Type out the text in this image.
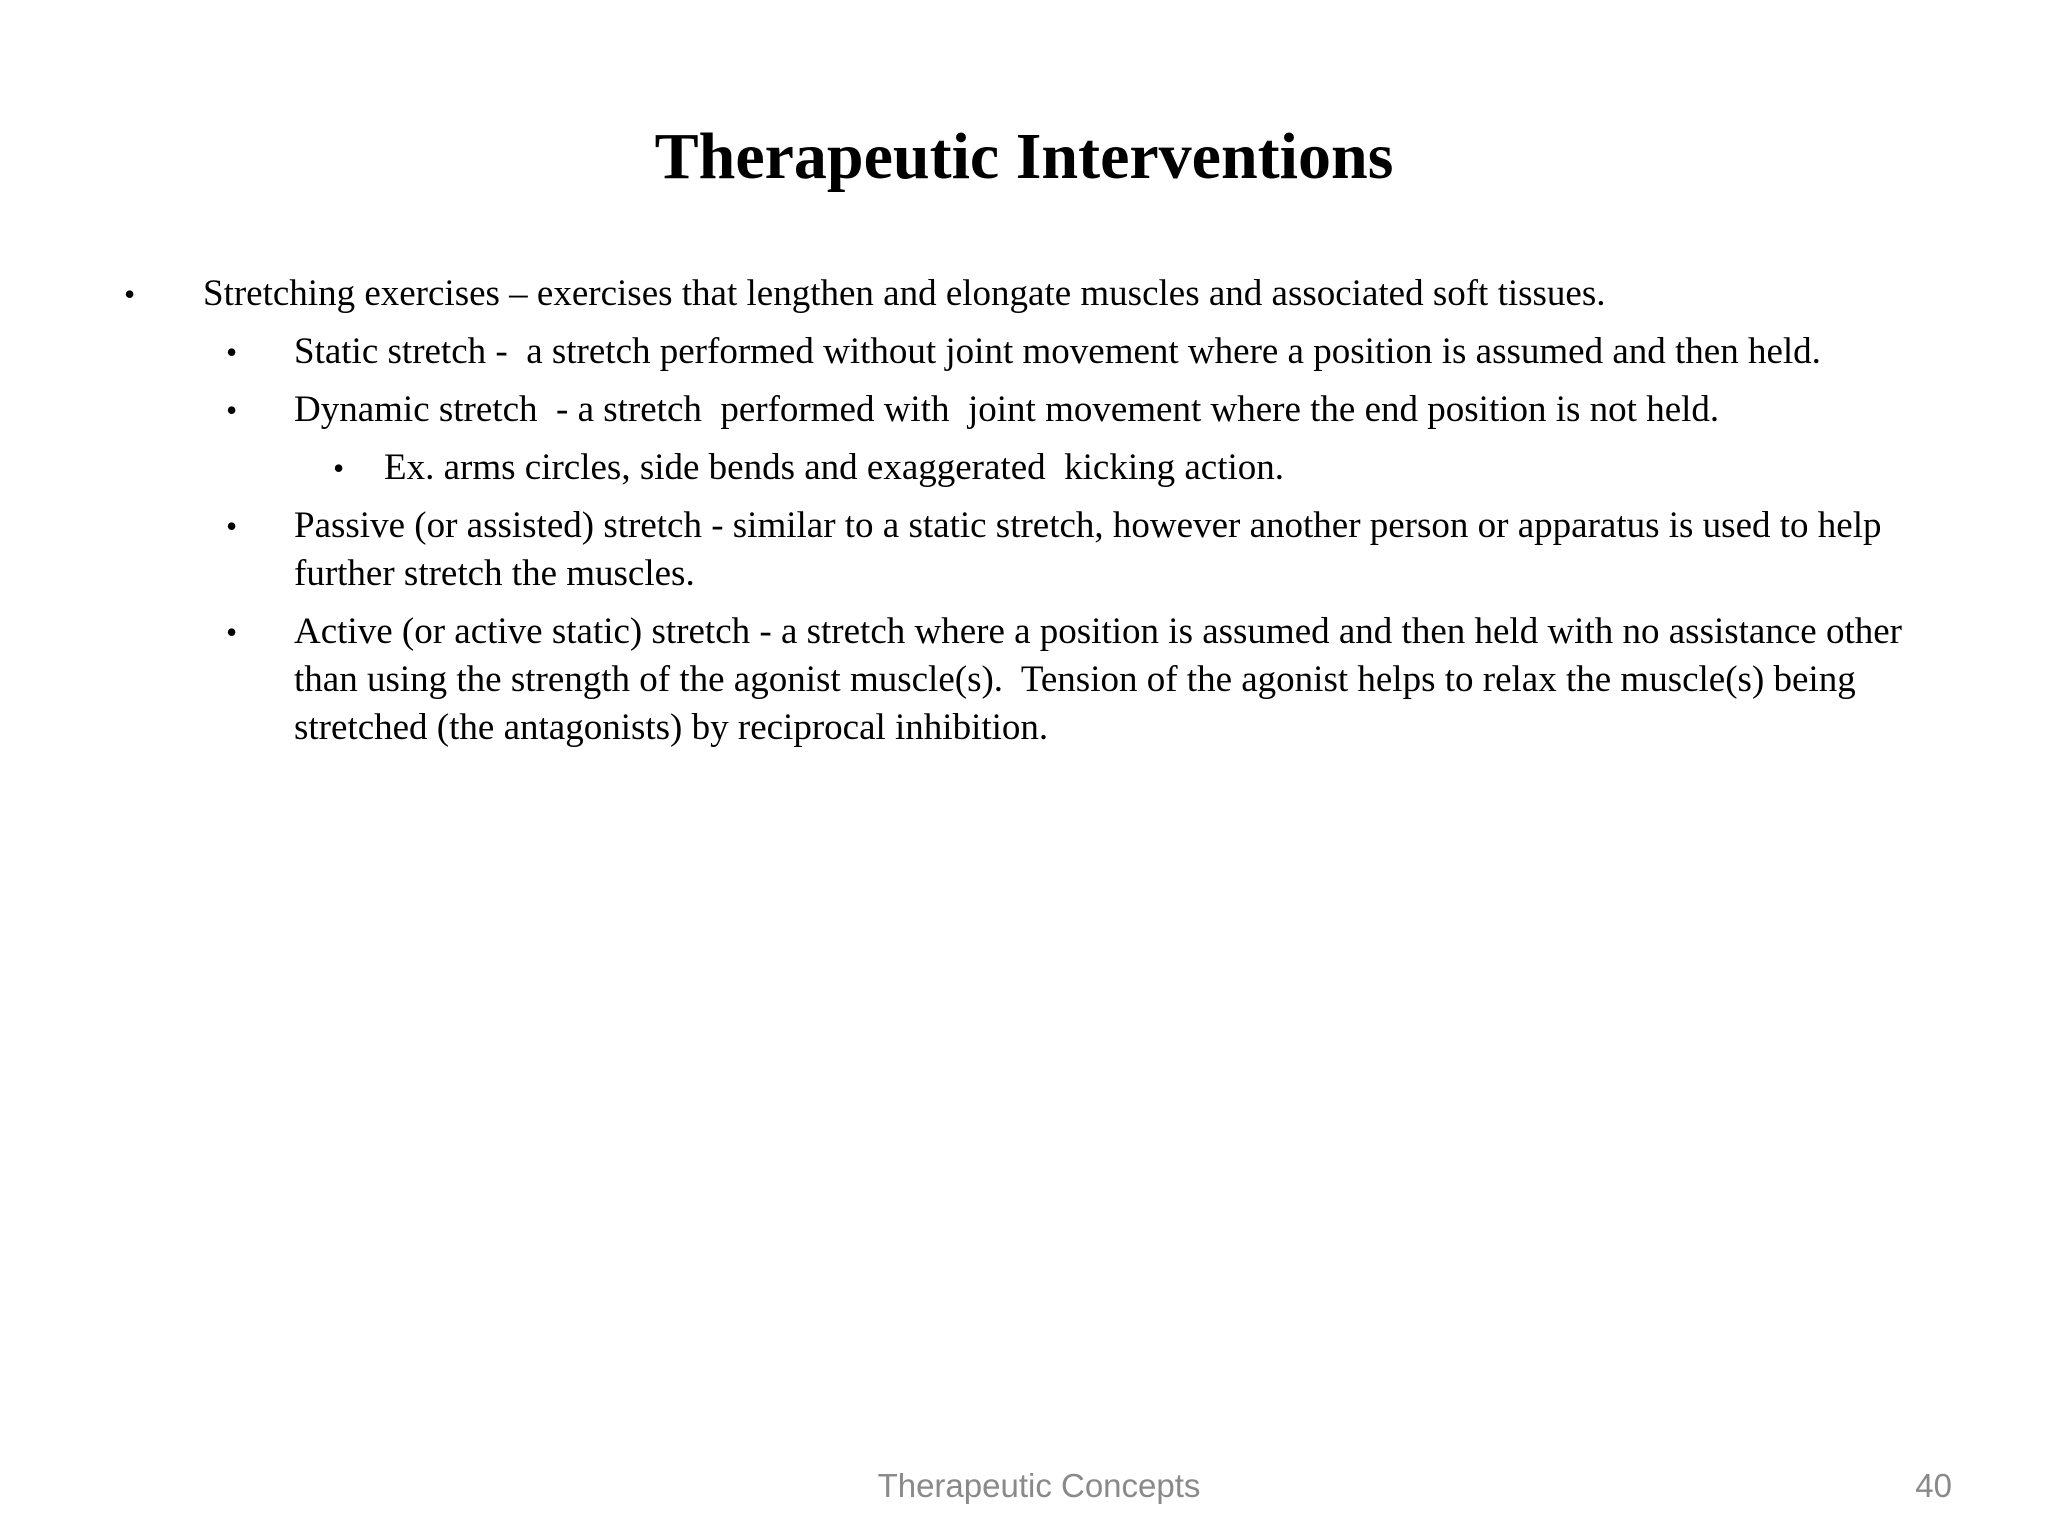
Therapeutic Interventions
• Stretching exercises – exercises that lengthen and elongate muscles and associated soft tissues.
• Static stretch -  a stretch performed without joint movement where a position is assumed and then held.
• Dynamic stretch  - a stretch  performed with  joint movement where the end position is not held.
• Ex. arms circles, side bends and exaggerated  kicking action.
• Passive (or assisted) stretch - similar to a static stretch, however another person or apparatus is used to help further stretch the muscles.
• Active (or active static) stretch - a stretch where a position is assumed and then held with no assistance other than using the strength of the agonist muscle(s).  Tension of the agonist helps to relax the muscle(s) being stretched (the antagonists) by reciprocal inhibition.
Therapeutic Concepts	40
